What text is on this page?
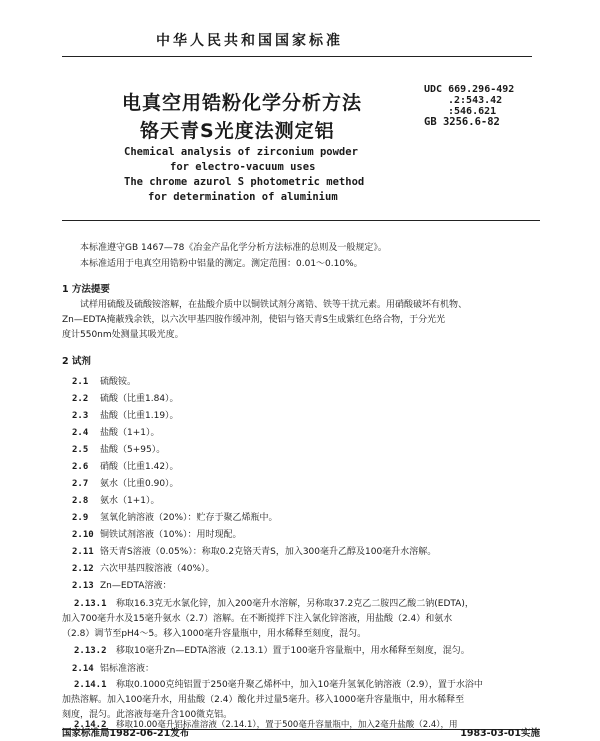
中华人民共和国国家标准
电真空用锆粉化学分析方法
铬天青S光度法测定铝
UDC 669.296-492
.2:543.42
:546.621
GB 3256.6-82
Chemical analysis of zirconium powder
for electro-vacuum uses
The chrome azurol S photometric method
for determination of aluminium
本标准遵守GB 1467—78《冶金产品化学分析方法标准的总则及一般规定》。
本标准适用于电真空用锆粉中铝量的测定。测定范围：0.01～0.10%。
1 方法提要
试样用硫酸及硫酸铵溶解，在盐酸介质中以铜铁试剂分离锆、铁等干扰元素。用硝酸破坏有机物、
Zn—EDTA掩蔽残余铁，以六次甲基四胺作缓冲剂，使铝与铬天青S生成紫红色络合物，于分光光
度计550nm处测量其吸光度。
2 试剂
2.1 硫酸铵。
2.2 硫酸（比重1.84）。
2.3 盐酸（比重1.19）。
2.4 盐酸（1+1）。
2.5 盐酸（5+95）。
2.6 硝酸（比重1.42）。
2.7 氨水（比重0.90）。
2.8 氨水（1+1）。
2.9 氢氧化钠溶液（20%）：贮存于聚乙烯瓶中。
2.10 铜铁试剂溶液（10%）：用时现配。
2.11 铬天青S溶液（0.05%）：称取0.2克铬天青S，加入300毫升乙醇及100毫升水溶解。
2.12 六次甲基四胺溶液（40%）。
2.13 Zn—EDTA溶液：
2.13.1 称取16.3克无水氯化锌，加入200毫升水溶解，另称取37.2克乙二胺四乙酸二钠(EDTA)，
加入700毫升水及15毫升氨水（2.7）溶解。在不断搅拌下注入氯化锌溶液，用盐酸（2.4）和氨水
（2.8）调节至pH4～5。移入1000毫升容量瓶中，用水稀释至刻度，混匀。
2.13.2 移取10毫升Zn—EDTA溶液（2.13.1）置于100毫升容量瓶中，用水稀释至刻度，混匀。
2.14 铝标准溶液：
2.14.1 称取0.1000克纯铝置于250毫升聚乙烯杯中，加入10毫升氢氧化钠溶液（2.9），置于水浴中
加热溶解。加入100毫升水，用盐酸（2.4）酸化并过量5毫升。移入1000毫升容量瓶中，用水稀释至
刻度，混匀。此溶液每毫升含100微克铝。
2.14.2 移取10.00毫升铝标准溶液（2.14.1），置于500毫升容量瓶中，加入2毫升盐酸（2.4），用
国家标准局1982-06-21发布	1983-03-01实施
